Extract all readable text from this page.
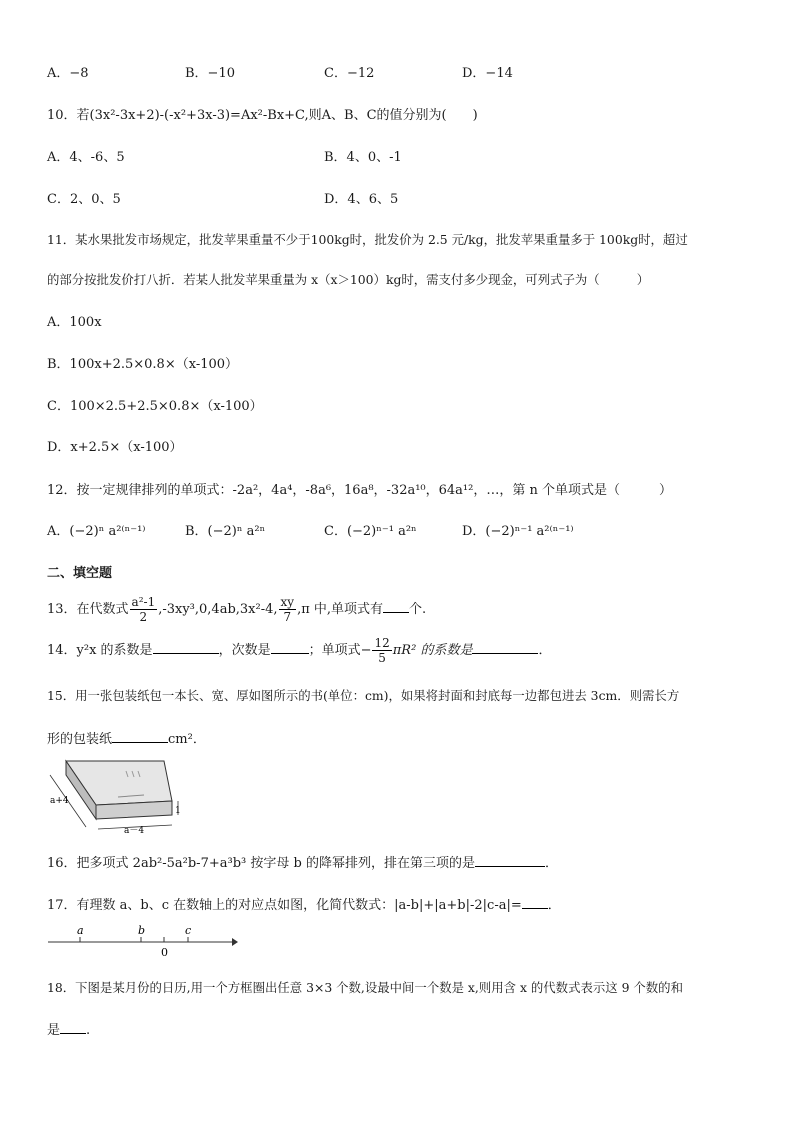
A．−8	B．−10	C．−12	D．−14
10．若(3x²-3x+2)-(-x²+3x-3)=Ax²-Bx+C,则A、B、C的值分别为(　　)
A．4、-6、5	B．4、0、-1
C．2、0、5	D．4、6、5
11．某水果批发市场规定，批发苹果重量不少于100kg时，批发价为 2.5 元/kg，批发苹果重量多于 100kg时，超过
的部分按批发价打八折．若某人批发苹果重量为 x（x＞100）kg时，需支付多少现金，可列式子为（　　　）
A．100x
B．100x+2.5×0.8×（x-100）
C．100×2.5+2.5×0.8×（x-100）
D．x+2.5×（x-100）
12．按一定规律排列的单项式：-2a²，4a⁴，-8a⁶，16a⁸，-32a¹⁰，64a¹²，…，第 n 个单项式是（　　　）
A．(−2)ⁿ a²⁽ⁿ⁻¹⁾	B．(−2)ⁿ a²ⁿ	C．(−2)ⁿ⁻¹ a²ⁿ	D．(−2)ⁿ⁻¹ a²⁽ⁿ⁻¹⁾
二、填空题
13．在代数式 $\frac{\text{a²-1}}{2} ,-3xy^3,0,4ab,3x^2-4$, $\frac{xy}{7} ,\pi$ 中,单项式有 个.
14．y²x 的系数是	，次数是	；单项式− $\frac{12}{5} \pi R^2$ 的系数是	．
15．用一张包装纸包一本长、宽、厚如图所示的书(单位：cm)，如果将封面和封底每一边都包进去 3cm．则需长方
形的包装纸	cm²．
a+4
a－4
1
16．把多项式 2ab²-5a²b-7+a³b³ 按字母 b 的降幂排列，排在第三项的是	．
17．有理数 a、b、c 在数轴上的对应点如图，化简代数式：|a-b|+|a+b|-2|c-a|= ．
a	b
0
c
18．下图是某月份的日历,用一个方框圈出任意 3×3 个数,设最中间一个数是 x,则用含 x 的代数式表示这 9 个数的和
是 .
